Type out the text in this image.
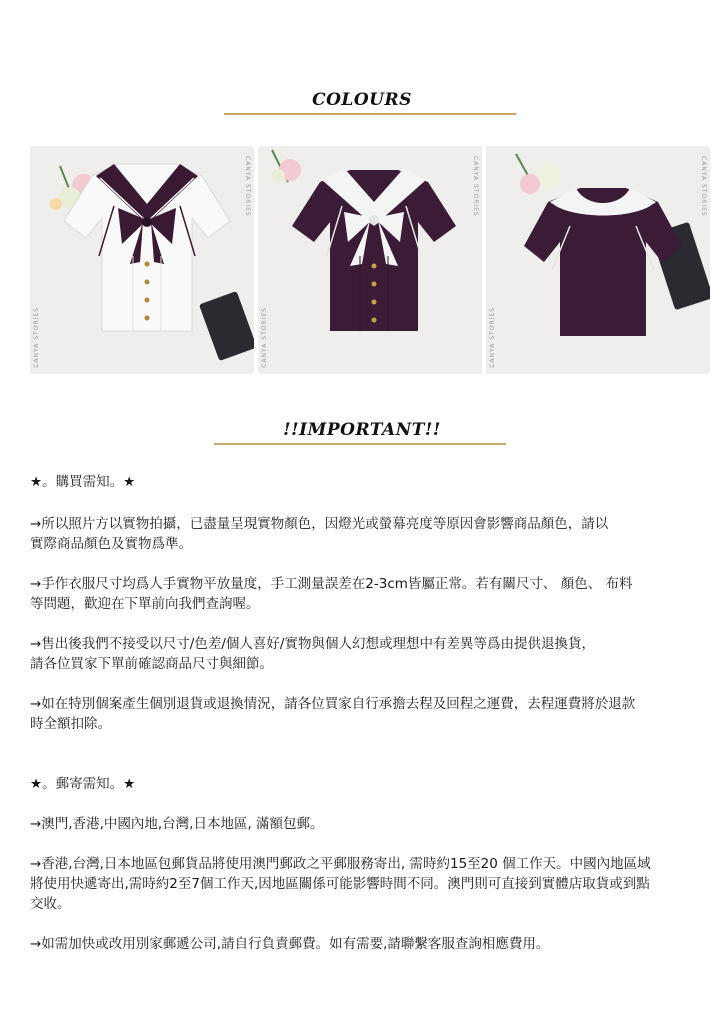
COLOURS
CANYA STORIES
CANYA STORIES
CANYA STORIES
CANYA STORIES
CANYA STORIES
CANYA STORIES
!!IMPORTANT!!
★。購買需知。★
→所以照片方以實物拍攝，已盡量呈現實物顏色，因燈光或螢幕亮度等原因會影響商品顏色，請以
實際商品顏色及實物爲準。
→手作衣服尺寸均爲人手實物平放量度，手工測量誤差在2-3cm皆屬正常。若有關尺寸、 顏色、 布料
等問題，歡迎在下單前向我們查詢喔。
→售出後我們不接受以尺寸/色差/個人喜好/實物與個人幻想或理想中有差異等爲由提供退換貨，
請各位買家下單前確認商品尺寸與細節。
→如在特別個案產生個別退貨或退換情況，請各位買家自行承擔去程及回程之運費，去程運費將於退款
時全額扣除。
★。郵寄需知。★
→澳門,香港,中國內地,台灣,日本地區, 滿額包郵。
→香港,台灣,日本地區包郵貨品將使用澳門郵政之平郵服務寄出, 需時約15至20 個工作天。中國內地區域
將使用快遞寄出,需時約2至7個工作天,因地區關係可能影響時間不同。澳門則可直接到實體店取貨或到點
交收。
→如需加快或改用別家郵遞公司,請自行負責郵費。如有需要,請聯繫客服查詢相應費用。
